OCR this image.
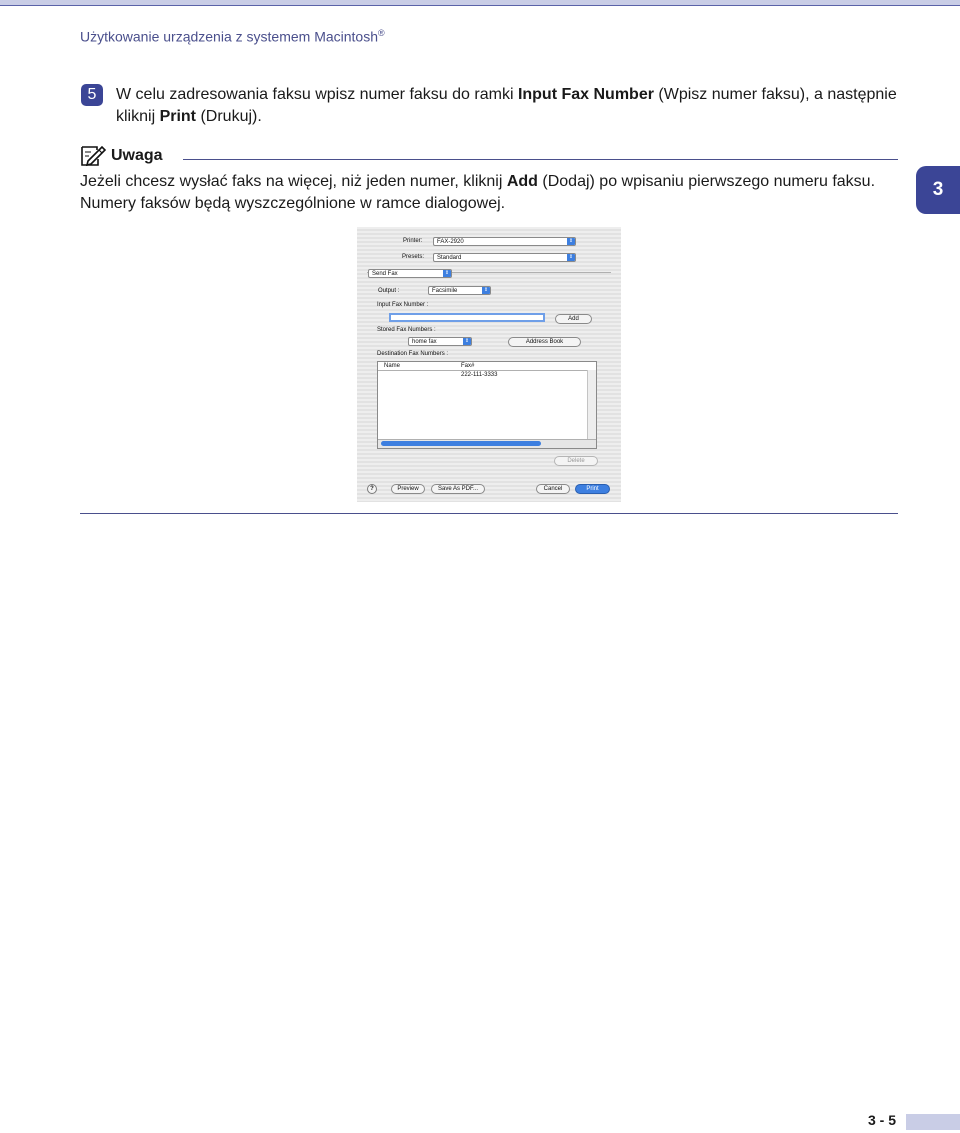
Użytkowanie urządzenia z systemem Macintosh®
5	W celu zadresowania faksu wpisz numer faksu do ramki Input Fax Number (Wpisz numer faksu), a następnie kliknij Print (Drukuj).
Uwaga
Jeżeli chcesz wysłać faks na więcej, niż jeden numer, kliknij Add (Dodaj) po wpisaniu pierwszego numeru faksu. Numery faksów będą wyszczególnione w ramce dialogowej.
3
Printer:	FAX-2920	⇕
Presets:	Standard	⇕
Send Fax	⇕
Output :	Facsimile	⇕
Input Fax Number :
Add
Stored Fax Numbers :
home fax	⇕	Address Book
Destination Fax Numbers :
Name	Fax#
222-111-3333
Delete
?	Preview	Save As PDF...	Cancel	Print
3 - 5
